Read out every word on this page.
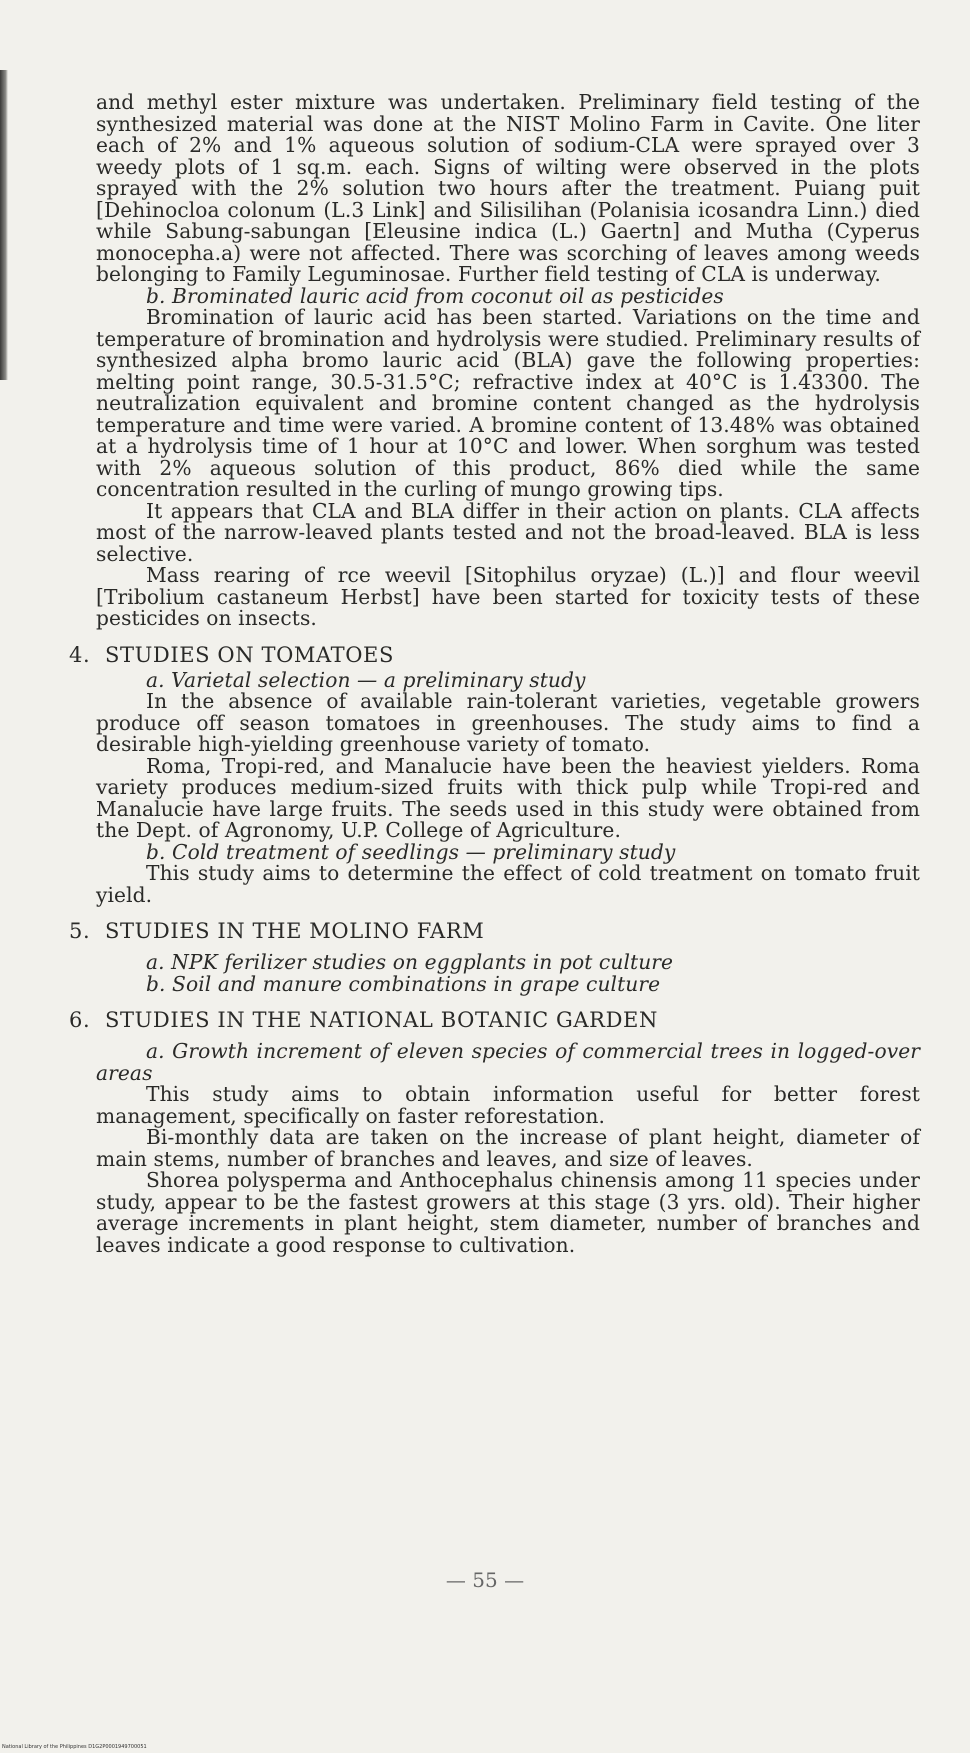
and methyl ester mixture was undertaken. Preliminary field testing of the synthesized material was done at the NIST Molino Farm in Cavite. One liter each of 2% and 1% aqueous solution of sodium-CLA were sprayed over 3 weedy plots of 1 sq.m. each. Signs of wilting were observed in the plots sprayed with the 2% solution two hours after the treatment. Puiang puit [Dehinocloa colonum (L.3 Link] and Silisilihan (Polanisia icosandra Linn.) died while Sabung-sabungan [Eleusine indica (L.) Gaertn] and Mutha (Cyperus monocepha.a) were not affected. There was scorching of leaves among weeds belonging to Family Leguminosae. Further field testing of CLA is underway.

b. Brominated lauric acid from coconut oil as pesticides

Bromination of lauric acid has been started. Variations on the time and temperature of bromination and hydrolysis were studied. Preliminary results of synthesized alpha bromo lauric acid (BLA) gave the following properties: melting point range, 30.5-31.5°C; refractive index at 40°C is 1.43300. The neutralization equivalent and bromine content changed as the hydrolysis temperature and time were varied. A bromine content of 13.48% was obtained at a hydrolysis time of 1 hour at 10°C and lower. When sorghum was tested with 2% aqueous solution of this product, 86% died while the same concentration resulted in the curling of mungo growing tips.

It appears that CLA and BLA differ in their action on plants. CLA affects most of the narrow-leaved plants tested and not the broad-leaved. BLA is less selective.

Mass rearing of rce weevil [Sitophilus oryzae) (L.)] and flour weevil [Tribolium castaneum Herbst] have been started for toxicity tests of these pesticides on insects.

4. STUDIES ON TOMATOES

a. Varietal selection — a preliminary study

In the absence of available rain-tolerant varieties, vegetable growers produce off season tomatoes in greenhouses. The study aims to find a desirable high-yielding greenhouse variety of tomato.

Roma, Tropi-red, and Manalucie have been the heaviest yielders. Roma variety produces medium-sized fruits with thick pulp while Tropi-red and Manalucie have large fruits. The seeds used in this study were obtained from the Dept. of Agronomy, U.P. College of Agriculture.

b. Cold treatment of seedlings — preliminary study

This study aims to determine the effect of cold treatment on tomato fruit yield.

5. STUDIES IN THE MOLINO FARM

a. NPK ferilizer studies on eggplants in pot culture

b. Soil and manure combinations in grape culture

6. STUDIES IN THE NATIONAL BOTANIC GARDEN

a. Growth increment of eleven species of commercial trees in logged-over areas

This study aims to obtain information useful for better forest management, specifically on faster reforestation.

Bi-monthly data are taken on the increase of plant height, diameter of main stems, number of branches and leaves, and size of leaves.

Shorea polysperma and Anthocephalus chinensis among 11 species under study, appear to be the fastest growers at this stage (3 yrs. old). Their higher average increments in plant height, stem diameter, number of branches and leaves indicate a good response to cultivation.

— 55 —
National Library of the Philippines D1G2P0001949700051
